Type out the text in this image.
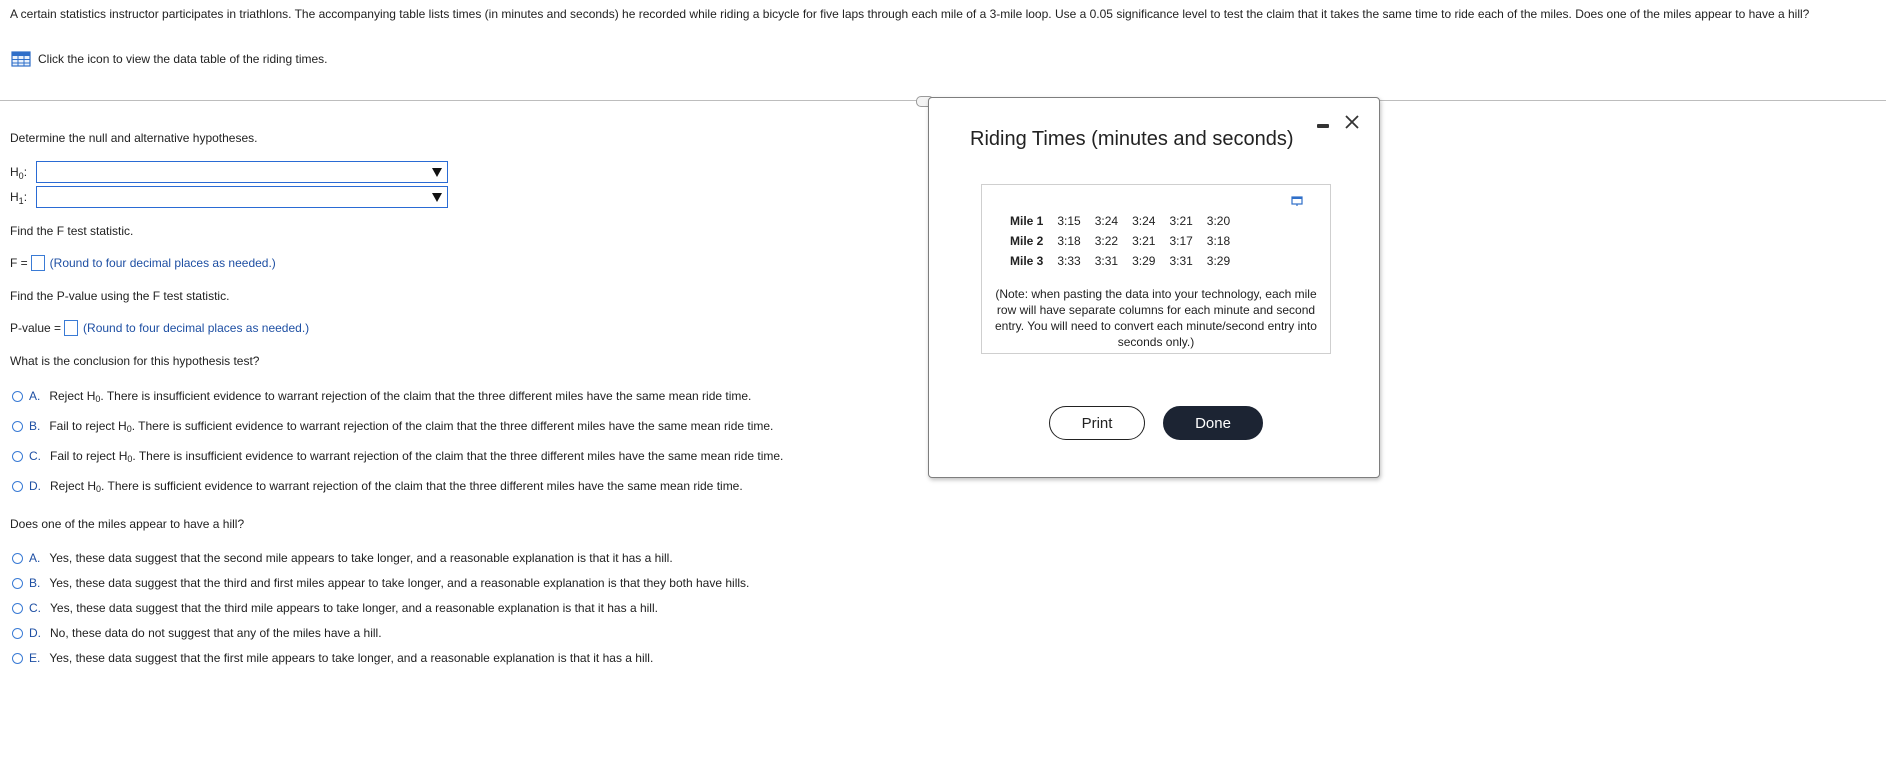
A certain statistics instructor participates in triathlons. The accompanying table lists times (in minutes and seconds) he recorded while riding a bicycle for five laps through each mile of a 3-mile loop. Use a 0.05 significance level to test the claim that it takes the same time to ride each of the miles. Does one of the miles appear to have a hill?
Click the icon to view the data table of the riding times.
Determine the null and alternative hypotheses.
$H_0$:
$H_1$:
Find the F test statistic.
F = (Round to four decimal places as needed.)
Find the P-value using the F test statistic.
P-value = (Round to four decimal places as needed.)
What is the conclusion for this hypothesis test?
A. Reject H 0 . There is insufficient evidence to warrant rejection of the claim that the three different miles have the same mean ride time.
B. Fail to reject H 0 . There is sufficient evidence to warrant rejection of the claim that the three different miles have the same mean ride time.
C. Fail to reject H 0 . There is insufficient evidence to warrant rejection of the claim that the three different miles have the same mean ride time.
D. Reject H 0 . There is sufficient evidence to warrant rejection of the claim that the three different miles have the same mean ride time.
Does one of the miles appear to have a hill?
A. Yes, these data suggest that the second mile appears to take longer, and a reasonable explanation is that it has a hill.
B. Yes, these data suggest that the third and first miles appear to take longer, and a reasonable explanation is that they both have hills.
C. Yes, these data suggest that the third mile appears to take longer, and a reasonable explanation is that it has a hill.
D. No, these data do not suggest that any of the miles have a hill.
E. Yes, these data suggest that the first mile appears to take longer, and a reasonable explanation is that it has a hill.
Riding Times (minutes and seconds)
Mile 1	3:15	3:24	3:24	3:21	3:20
Mile 2	3:18	3:22	3:21	3:17	3:18
Mile 3	3:33	3:31	3:29	3:31	3:29
(Note: when pasting the data into your technology, each mile row will have separate columns for each minute and second entry. You will need to convert each minute/second entry into seconds only.)
Print	Done
